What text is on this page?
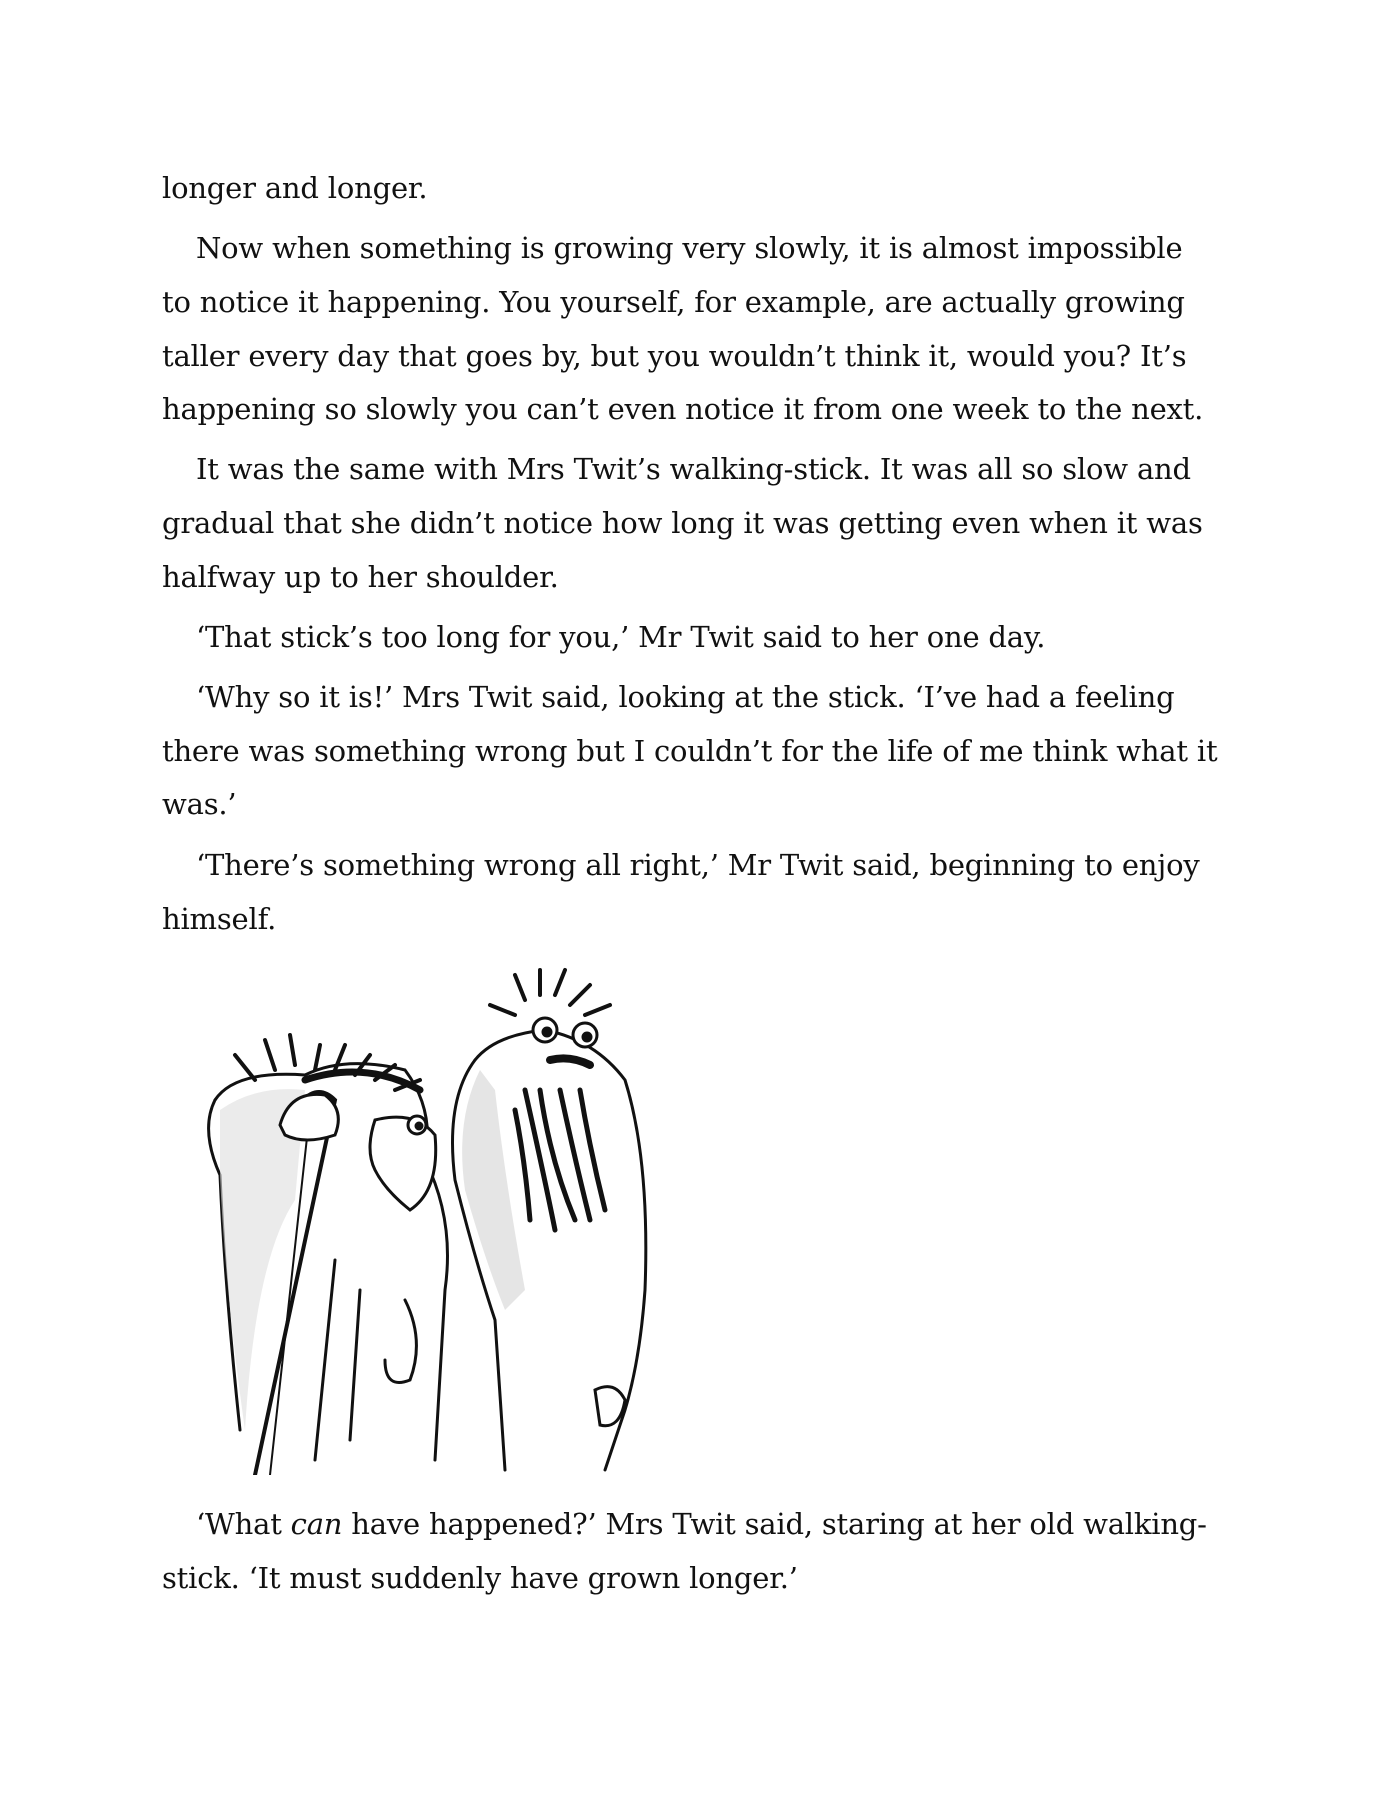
longer and longer.
Now when something is growing very slowly, it is almost impossible
to notice it happening. You yourself, for example, are actually growing
taller every day that goes by, but you wouldn’t think it, would you? It’s
happening so slowly you can’t even notice it from one week to the next.
It was the same with Mrs Twit’s walking-stick. It was all so slow and
gradual that she didn’t notice how long it was getting even when it was
halfway up to her shoulder.
‘That stick’s too long for you,’ Mr Twit said to her one day.
‘Why so it is!’ Mrs Twit said, looking at the stick. ‘I’ve had a feeling
there was something wrong but I couldn’t for the life of me think what it
was.’
‘There’s something wrong all right,’ Mr Twit said, beginning to enjoy
himself.
‘What can have happened?’ Mrs Twit said, staring at her old walking-
stick. ‘It must suddenly have grown longer.’
